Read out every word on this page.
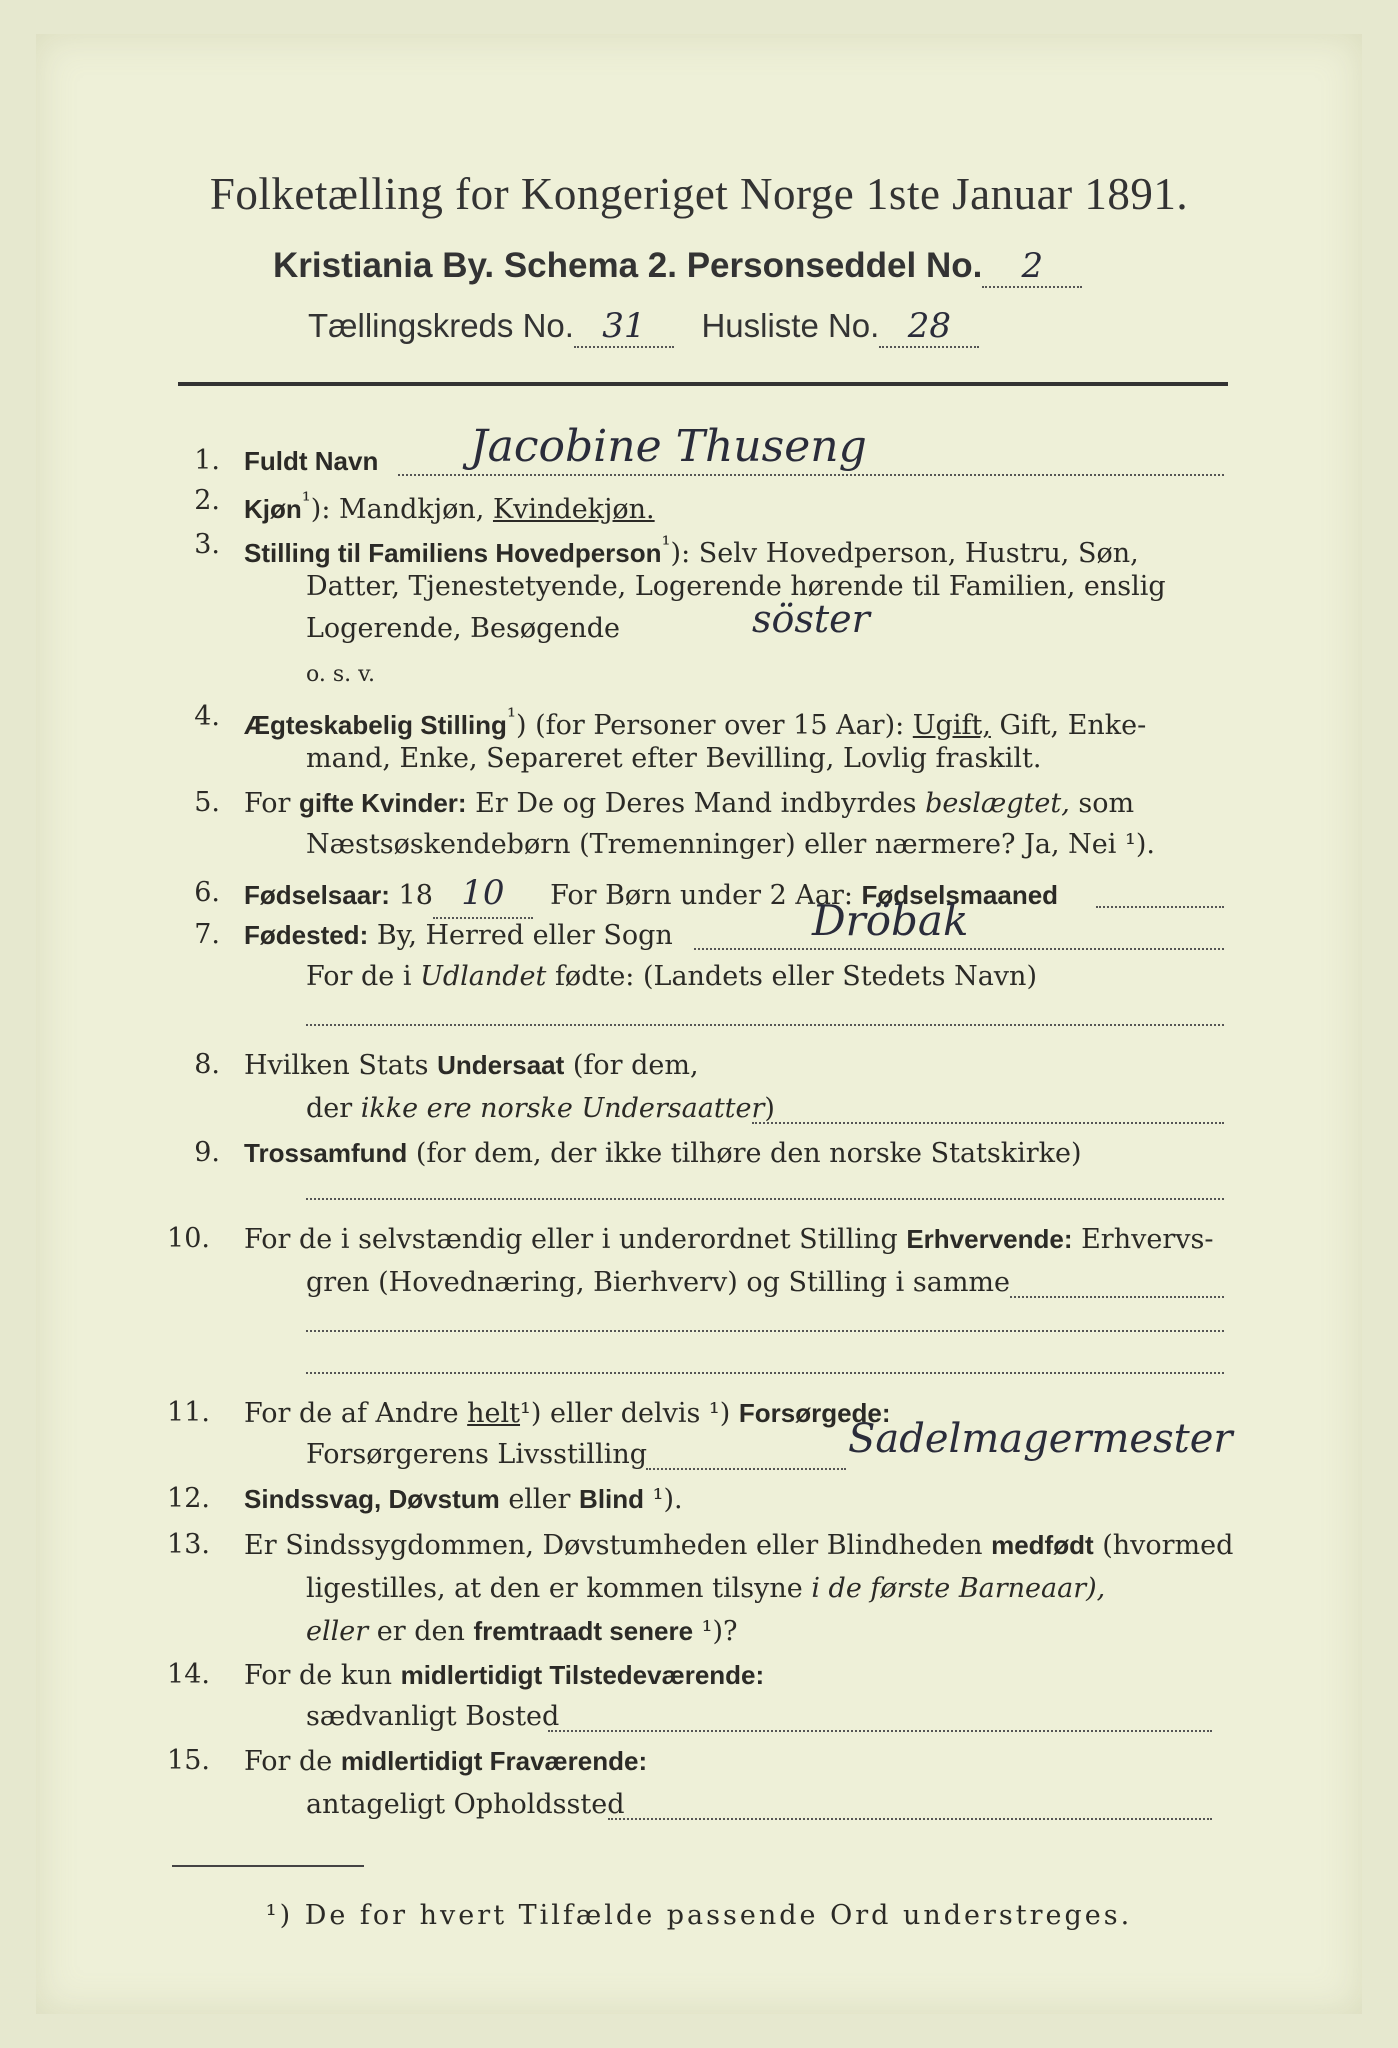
Folketælling for Kongeriget Norge 1ste Januar 1891.
Kristiania By. Schema 2. Personseddel No. 2
Tællingskreds No. 31 Husliste No. 28
1. Fuldt Navn	Jacobine Thuseng
2. Kjøn$^{^1}$): Mandkjøn, Kvindekjøn.
3. Stilling til Familiens Hovedperson$^{^1}$): Selv Hovedperson, Hustru, Søn,
Datter, Tjenestetyende, Logerende hørende til Familien, enslig
Logerende, Besøgende	söster
o. s. v.
4. Ægteskabelig Stilling$^{^1}$) (for Personer over 15 Aar): Ugift, Gift, Enke-
mand, Enke, Separeret efter Bevilling, Lovlig fraskilt.
5. For gifte Kvinder: Er De og Deres Mand indbyrdes beslægtet, som
Næstsøskendebørn (Tremenninger) eller nærmere? Ja, Nei ¹).
6. Fødselsaar: 18 10 For Børn under 2 Aar: Fødselsmaaned
7. Fødested: By, Herred eller Sogn	Dröbak
For de i Udlandet fødte: (Landets eller Stedets Navn)
8. Hvilken Stats Undersaat (for dem,
der ikke ere norske Undersaatter)
9. Trossamfund (for dem, der ikke tilhøre den norske Statskirke)
10. For de i selvstændig eller i underordnet Stilling Erhvervende: Erhvervs-
gren (Hovednæring, Bierhverv) og Stilling i samme
11. For de af Andre helt¹) eller delvis ¹) Forsørgede:
Forsørgerens Livsstilling	Sadelmagermester
12. Sindssvag, Døvstum eller Blind ¹).
13. Er Sindssygdommen, Døvstumheden eller Blindheden medfødt (hvormed
ligestilles, at den er kommen tilsyne i de første Barneaar),
eller er den fremtraadt senere ¹)?
14. For de kun midlertidigt Tilstedeværende:
sædvanligt Bosted
15. For de midlertidigt Fraværende:
antageligt Opholdssted
¹) De for hvert Tilfælde passende Ord understreges.
